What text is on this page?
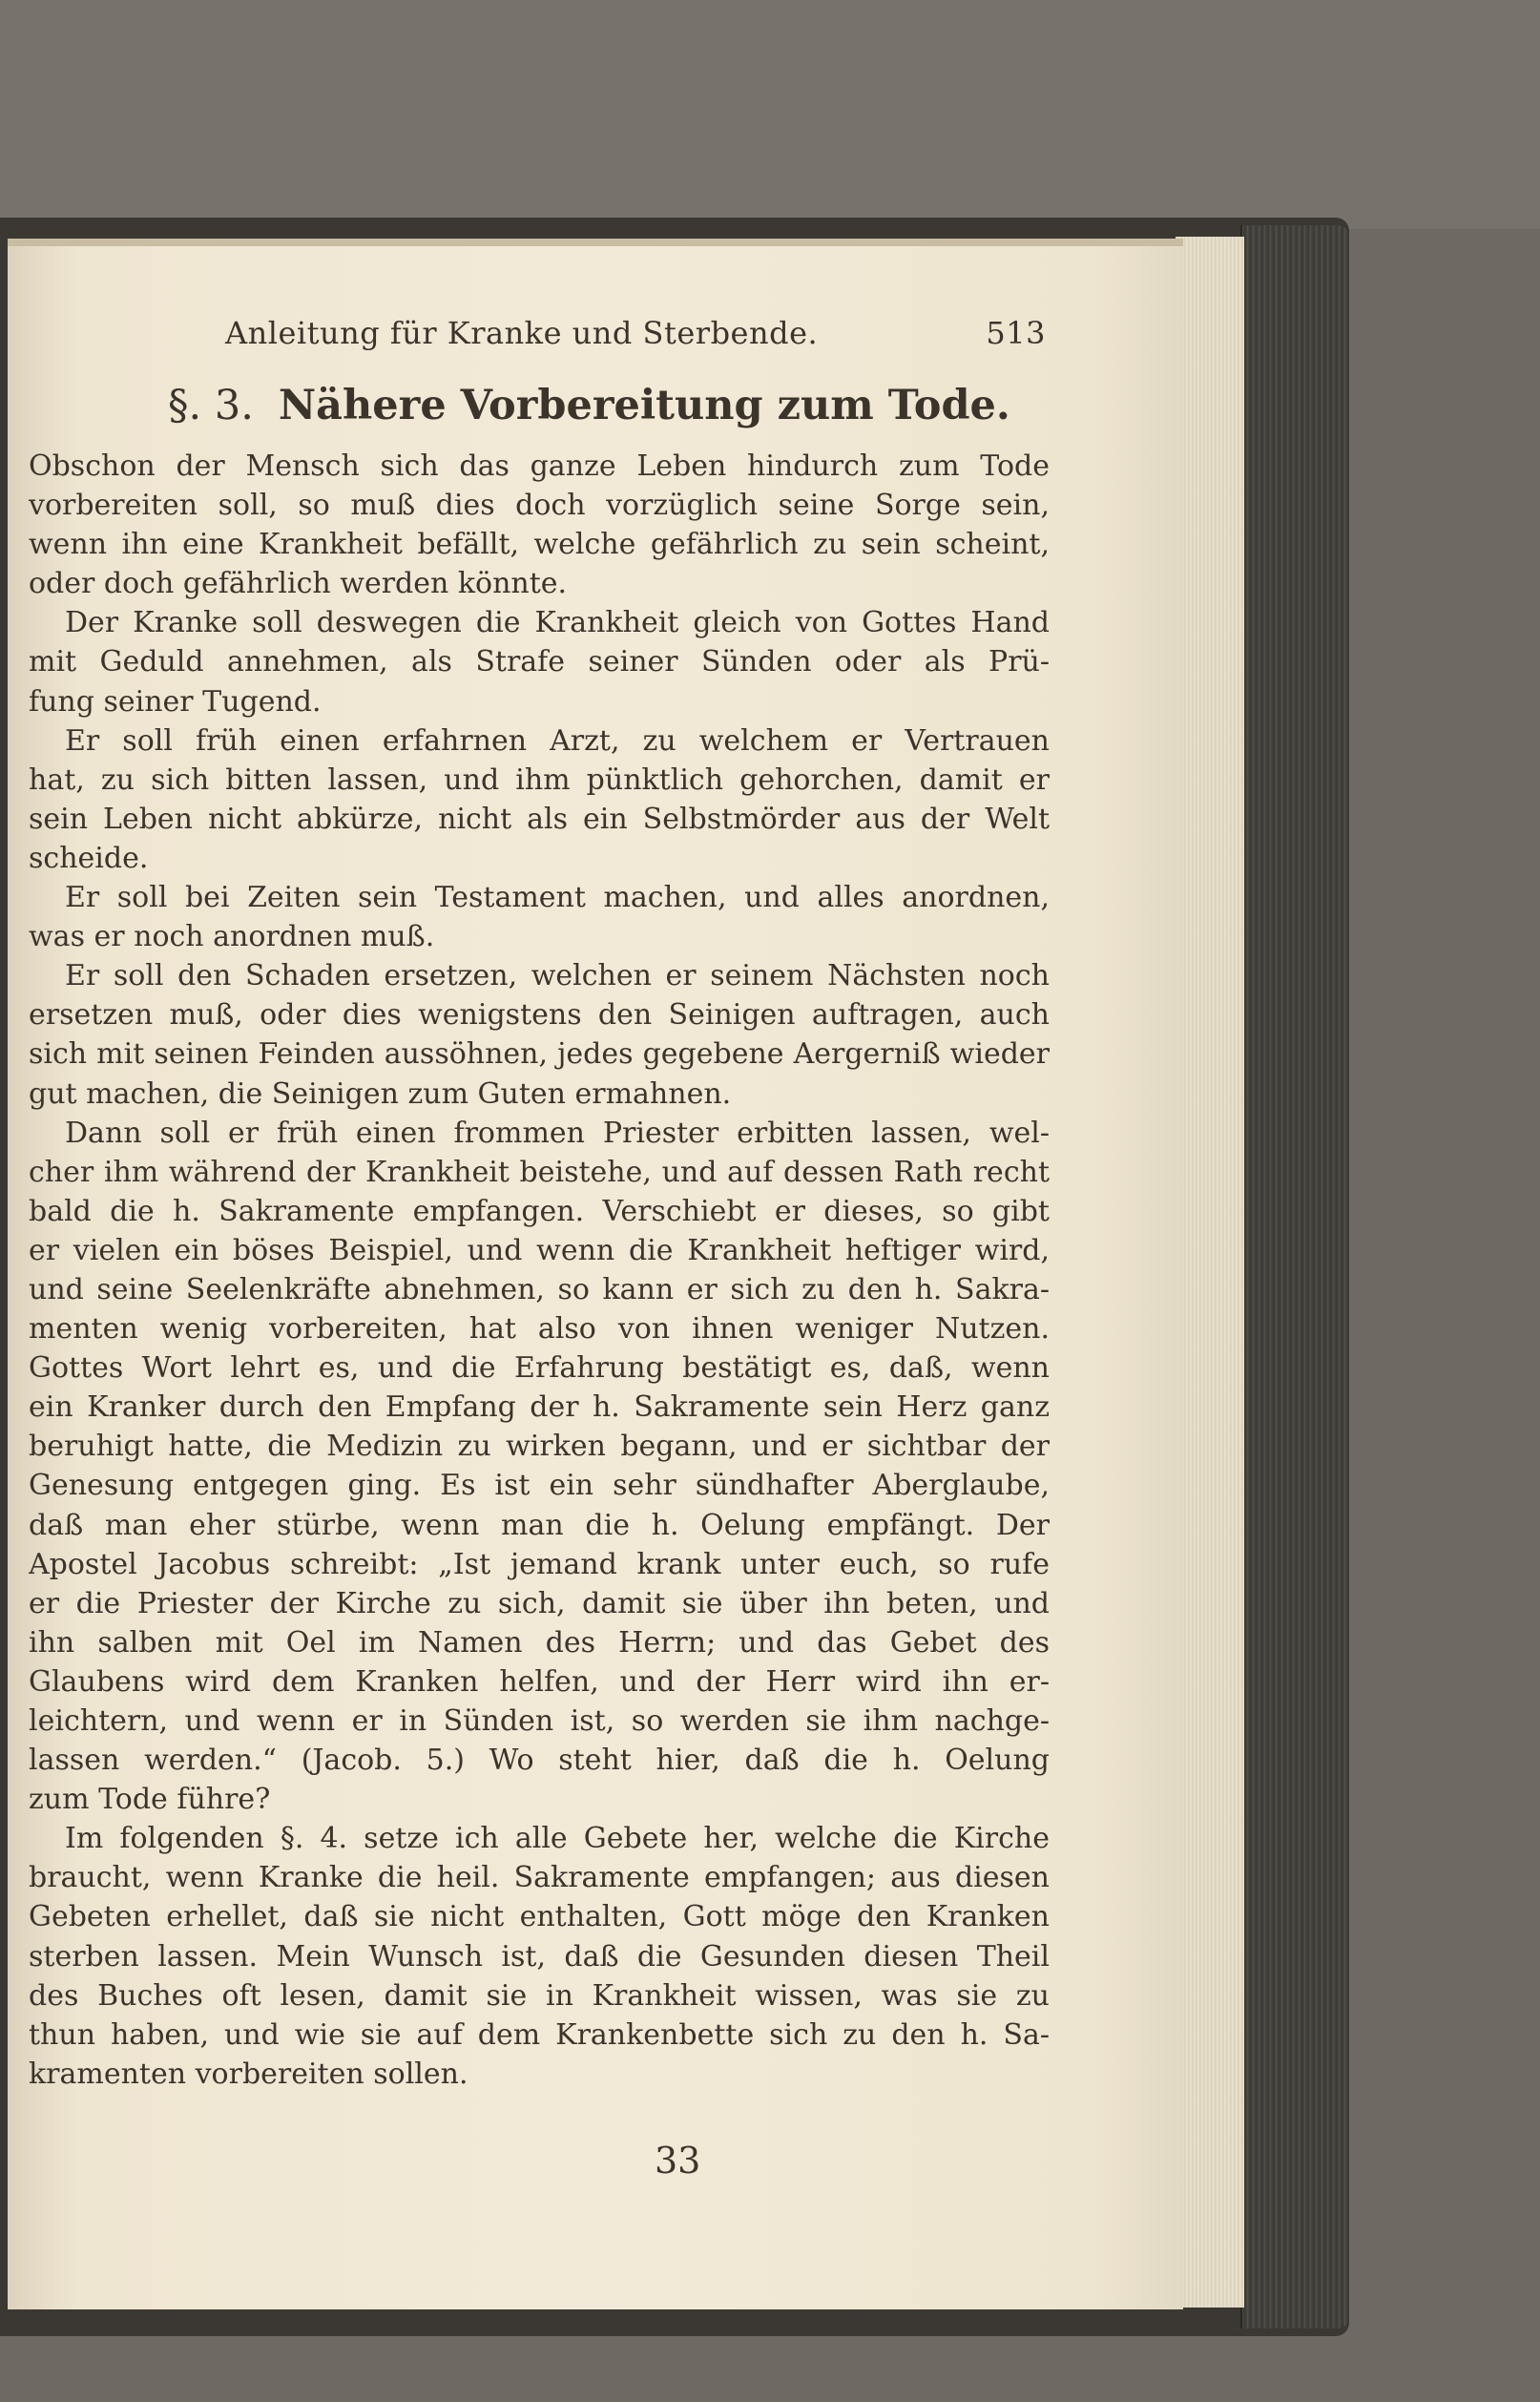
Anleitung für Kranke und Sterbende.	513
§. 3. Nähere Vorbereitung zum Tode.
Obschon der Mensch sich das ganze Leben hindurch zum Tode
vorbereiten soll, so muß dies doch vorzüglich seine Sorge sein,
wenn ihn eine Krankheit befällt, welche gefährlich zu sein scheint,
oder doch gefährlich werden könnte.
Der Kranke soll deswegen die Krankheit gleich von Gottes Hand
mit Geduld annehmen, als Strafe seiner Sünden oder als Prü-
fung seiner Tugend.
Er soll früh einen erfahrnen Arzt, zu welchem er Vertrauen
hat, zu sich bitten lassen, und ihm pünktlich gehorchen, damit er
sein Leben nicht abkürze, nicht als ein Selbstmörder aus der Welt
scheide.
Er soll bei Zeiten sein Testament machen, und alles anordnen,
was er noch anordnen muß.
Er soll den Schaden ersetzen, welchen er seinem Nächsten noch
ersetzen muß, oder dies wenigstens den Seinigen auftragen, auch
sich mit seinen Feinden aussöhnen, jedes gegebene Aergerniß wieder
gut machen, die Seinigen zum Guten ermahnen.
Dann soll er früh einen frommen Priester erbitten lassen, wel-
cher ihm während der Krankheit beistehe, und auf dessen Rath recht
bald die h. Sakramente empfangen. Verschiebt er dieses, so gibt
er vielen ein böses Beispiel, und wenn die Krankheit heftiger wird,
und seine Seelenkräfte abnehmen, so kann er sich zu den h. Sakra-
menten wenig vorbereiten, hat also von ihnen weniger Nutzen.
Gottes Wort lehrt es, und die Erfahrung bestätigt es, daß, wenn
ein Kranker durch den Empfang der h. Sakramente sein Herz ganz
beruhigt hatte, die Medizin zu wirken begann, und er sichtbar der
Genesung entgegen ging. Es ist ein sehr sündhafter Aberglaube,
daß man eher stürbe, wenn man die h. Oelung empfängt. Der
Apostel Jacobus schreibt: „Ist jemand krank unter euch, so rufe
er die Priester der Kirche zu sich, damit sie über ihn beten, und
ihn salben mit Oel im Namen des Herrn; und das Gebet des
Glaubens wird dem Kranken helfen, und der Herr wird ihn er-
leichtern, und wenn er in Sünden ist, so werden sie ihm nachge-
lassen werden.“ (Jacob. 5.) Wo steht hier, daß die h. Oelung
zum Tode führe?
Im folgenden §. 4. setze ich alle Gebete her, welche die Kirche
braucht, wenn Kranke die heil. Sakramente empfangen; aus diesen
Gebeten erhellet, daß sie nicht enthalten, Gott möge den Kranken
sterben lassen. Mein Wunsch ist, daß die Gesunden diesen Theil
des Buches oft lesen, damit sie in Krankheit wissen, was sie zu
thun haben, und wie sie auf dem Krankenbette sich zu den h. Sa-
kramenten vorbereiten sollen.
33
